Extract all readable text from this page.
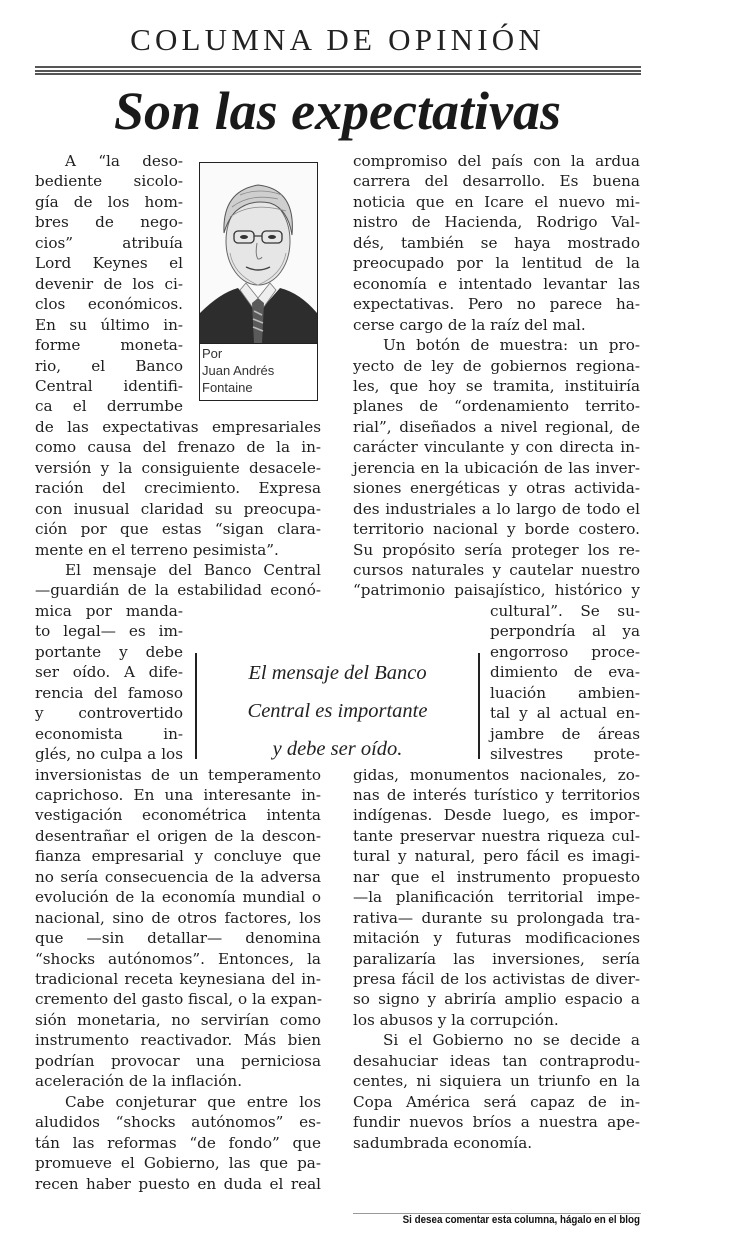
COLUMNA DE OPINIÓN
Son las expectativas
Por
Juan Andrés
Fontaine
El mensaje del Banco
Central es importante
y debe ser oído.
A “la deso-
bediente sicolo-
gía de los hom-
bres de nego-
cios” atribuía
Lord Keynes el
devenir de los ci-
clos económicos.
En su último in-
forme moneta-
rio, el Banco
Central identifi-
ca el derrumbe
de las expectativas empresariales
como causa del frenazo de la in-
versión y la consiguiente desacele-
ración del crecimiento. Expresa
con inusual claridad su preocupa-
ción por que estas “sigan clara-
mente en el terreno pesimista”.
El mensaje del Banco Central
—guardián de la estabilidad econó-
mica por manda-
to legal— es im-
portante y debe
ser oído. A dife-
rencia del famoso
y controvertido
economista in-
glés, no culpa a los
inversionistas de un temperamento
caprichoso. En una interesante in-
vestigación econométrica intenta
desentrañar el origen de la descon-
fianza empresarial y concluye que
no sería consecuencia de la adversa
evolución de la economía mundial o
nacional, sino de otros factores, los
que —sin detallar— denomina
“shocks autónomos”. Entonces, la
tradicional receta keynesiana del in-
cremento del gasto fiscal, o la expan-
sión monetaria, no servirían como
instrumento reactivador. Más bien
podrían provocar una perniciosa
aceleración de la inflación.
Cabe conjeturar que entre los
aludidos “shocks autónomos” es-
tán las reformas “de fondo” que
promueve el Gobierno, las que pa-
recen haber puesto en duda el real
compromiso del país con la ardua
carrera del desarrollo. Es buena
noticia que en Icare el nuevo mi-
nistro de Hacienda, Rodrigo Val-
dés, también se haya mostrado
preocupado por la lentitud de la
economía e intentado levantar las
expectativas. Pero no parece ha-
cerse cargo de la raíz del mal.
Un botón de muestra: un pro-
yecto de ley de gobiernos regiona-
les, que hoy se tramita, instituiría
planes de “ordenamiento territo-
rial”, diseñados a nivel regional, de
carácter vinculante y con directa in-
jerencia en la ubicación de las inver-
siones energéticas y otras activida-
des industriales a lo largo de todo el
territorio nacional y borde costero.
Su propósito sería proteger los re-
cursos naturales y cautelar nuestro
“patrimonio paisajístico, histórico y
cultural”. Se su-
perpondría al ya
engorroso proce-
dimiento de eva-
luación ambien-
tal y al actual en-
jambre de áreas
silvestres prote-
gidas, monumentos nacionales, zo-
nas de interés turístico y territorios
indígenas. Desde luego, es impor-
tante preservar nuestra riqueza cul-
tural y natural, pero fácil es imagi-
nar que el instrumento propuesto
—la planificación territorial impe-
rativa— durante su prolongada tra-
mitación y futuras modificaciones
paralizaría las inversiones, sería
presa fácil de los activistas de diver-
so signo y abriría amplio espacio a
los abusos y la corrupción.
Si el Gobierno no se decide a
desahuciar ideas tan contraprodu-
centes, ni siquiera un triunfo en la
Copa América será capaz de in-
fundir nuevos bríos a nuestra ape-
sadumbrada economía.
Si desea comentar esta columna, hágalo en el blog
